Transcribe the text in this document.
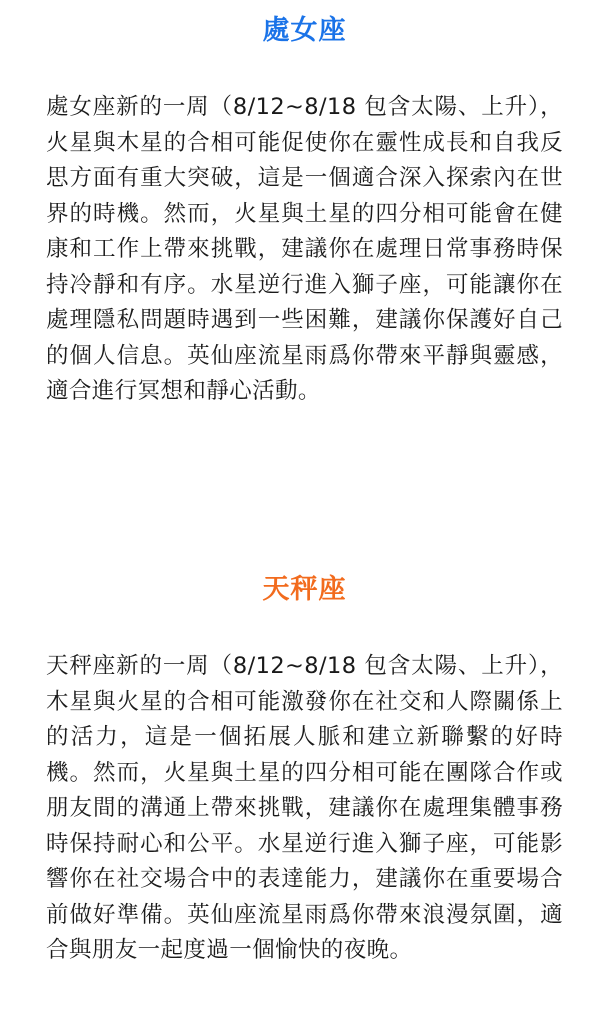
處女座

處女座新的一周（8/12~8/18 包含太陽、上升），火星與木星的合相可能促使你在靈性成長和自我反思方面有重大突破，這是一個適合深入探索內在世界的時機。然而，火星與土星的四分相可能會在健康和工作上帶來挑戰，建議你在處理日常事務時保持冷靜和有序。水星逆行進入獅子座，可能讓你在處理隱私問題時遇到一些困難，建議你保護好自己的個人信息。英仙座流星雨爲你帶來平靜與靈感，適合進行冥想和靜心活動。

天秤座

天秤座新的一周（8/12~8/18 包含太陽、上升），木星與火星的合相可能激發你在社交和人際關係上的活力，這是一個拓展人脈和建立新聯繫的好時機。然而，火星與土星的四分相可能在團隊合作或朋友間的溝通上帶來挑戰，建議你在處理集體事務時保持耐心和公平。水星逆行進入獅子座，可能影響你在社交場合中的表達能力，建議你在重要場合前做好準備。英仙座流星雨爲你帶來浪漫氛圍，適合與朋友一起度過一個愉快的夜晚。
